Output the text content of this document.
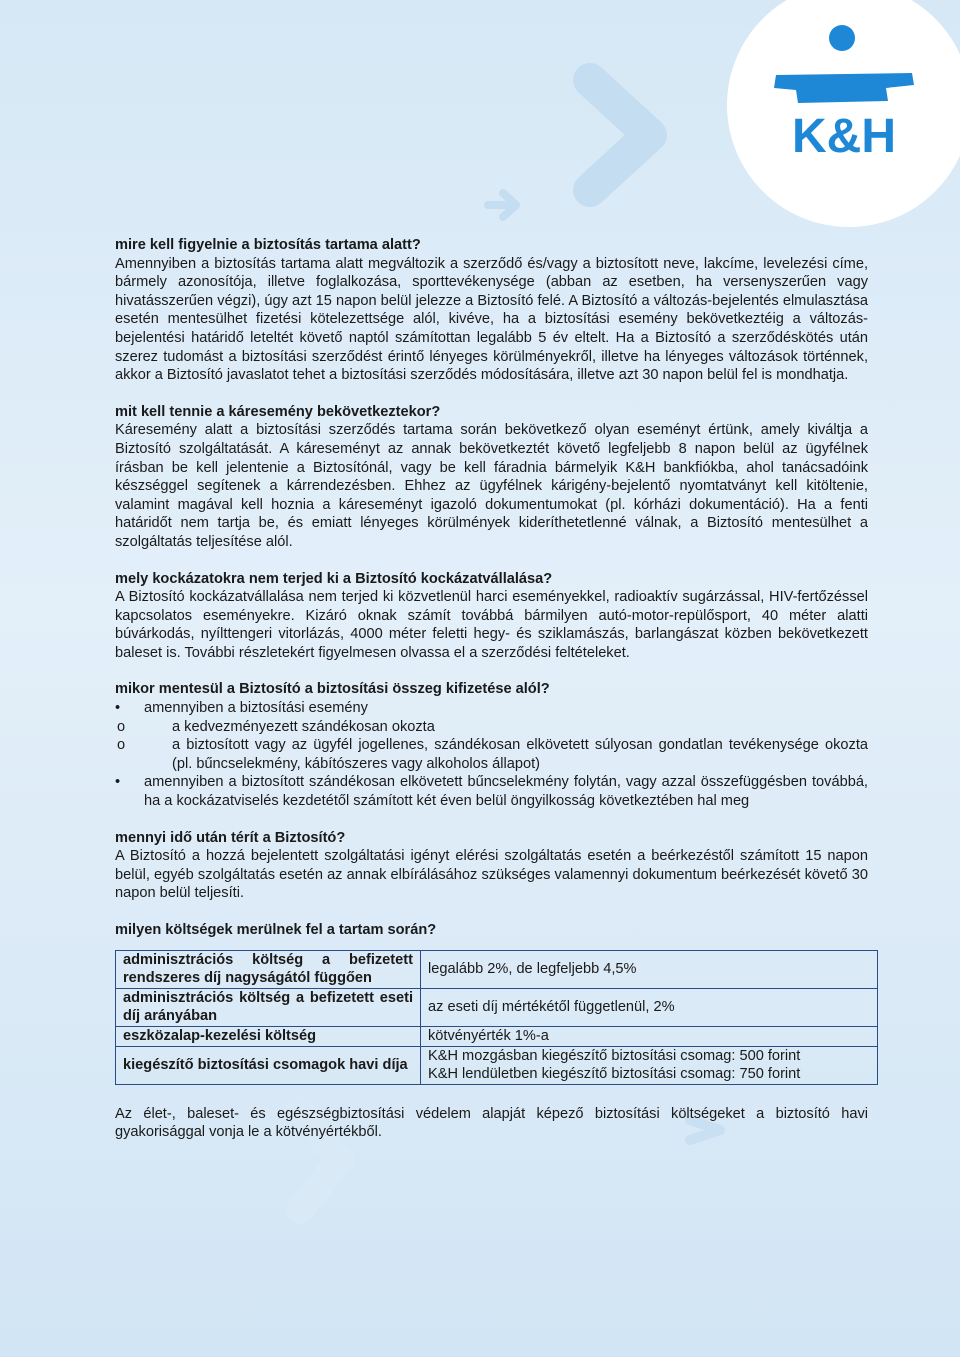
K&H

mire kell figyelnie a biztosítás tartama alatt?

Amennyiben a biztosítás tartama alatt megváltozik a szerződő és/vagy a biztosított neve, lakcíme, levelezési címe, bármely azonosítója, illetve foglalkozása, sporttevékenysége (abban az esetben, ha versenyszerűen vagy hivatásszerűen végzi), úgy azt 15 napon belül jelezze a Biztosító felé. A Biztosító a változás-bejelentés elmulasztása esetén mentesülhet fizetési kötelezettsége alól, kivéve, ha a biztosítási esemény bekövetkeztéig a változás-bejelentési határidő leteltét követő naptól számítottan legalább 5 év eltelt. Ha a Biztosító a szerződéskötés után szerez tudomást a biztosítási szerződést érintő lényeges körülményekről, illetve ha lényeges változások történnek, akkor a Biztosító javaslatot tehet a biztosítási szerződés módosítására, illetve azt 30 napon belül fel is mondhatja.

mit kell tennie a káresemény bekövetkeztekor?

Káresemény alatt a biztosítási szerződés tartama során bekövetkező olyan eseményt értünk, amely kiváltja a Biztosító szolgáltatását. A káreseményt az annak bekövetkeztét követő legfeljebb 8 napon belül az ügyfélnek írásban be kell jelentenie a Biztosítónál, vagy be kell fáradnia bármelyik K&H bankfiókba, ahol tanácsadóink készséggel segítenek a kárrendezésben. Ehhez az ügyfélnek kárigény-bejelentő nyomtatványt kell kitöltenie, valamint magával kell hoznia a káreseményt igazoló dokumentumokat (pl. kórházi dokumentáció). Ha a fenti határidőt nem tartja be, és emiatt lényeges körülmények kideríthetetlenné válnak, a Biztosító mentesülhet a szolgáltatás teljesítése alól.

mely kockázatokra nem terjed ki a Biztosító kockázatvállalása?

A Biztosító kockázatvállalása nem terjed ki közvetlenül harci eseményekkel, radioaktív sugárzással, HIV-fertőzéssel kapcsolatos eseményekre. Kizáró oknak számít továbbá bármilyen autó-motor-repülősport, 40 méter alatti búvárkodás, nyílttengeri vitorlázás, 4000 méter feletti hegy- és sziklamászás, barlangászat közben bekövetkezett baleset is. További részletekért figyelmesen olvassa el a szerződési feltételeket.

mikor mentesül a Biztosító a biztosítási összeg kifizetése alól?

• amennyiben a biztosítási esemény
o	a kedvezményezett szándékosan okozta
o	a biztosított vagy az ügyfél jogellenes, szándékosan elkövetett súlyosan gondatlan tevékenysége okozta (pl. bűncselekmény, kábítószeres vagy alkoholos állapot)
• amennyiben a biztosított szándékosan elkövetett bűncselekmény folytán, vagy azzal összefüggésben továbbá, ha a kockázatviselés kezdetétől számított két éven belül öngyilkosság következtében hal meg

mennyi idő után térít a Biztosító?

A Biztosító a hozzá bejelentett szolgáltatási igényt elérési szolgáltatás esetén a beérkezéstől számított 15 napon belül, egyéb szolgáltatás esetén az annak elbírálásához szükséges valamennyi dokumentum beérkezését követő 30 napon belül teljesíti.

milyen költségek merülnek fel a tartam során?

adminisztrációs költség a befizetett rendszeres díj nagyságától függően	legalább 2%, de legfeljebb 4,5%
adminisztrációs költség a befizetett eseti díj arányában	az eseti díj mértékétől függetlenül, 2%
eszközalap-kezelési költség	kötvényérték 1%-a
kiegészítő biztosítási csomagok havi díja	K&H mozgásban kiegészítő biztosítási csomag: 500 forint
K&H lendületben kiegészítő biztosítási csomag: 750 forint

Az élet-, baleset- és egészségbiztosítási védelem alapját képező biztosítási költségeket a biztosító havi gyakorisággal vonja le a kötvényértékből.
